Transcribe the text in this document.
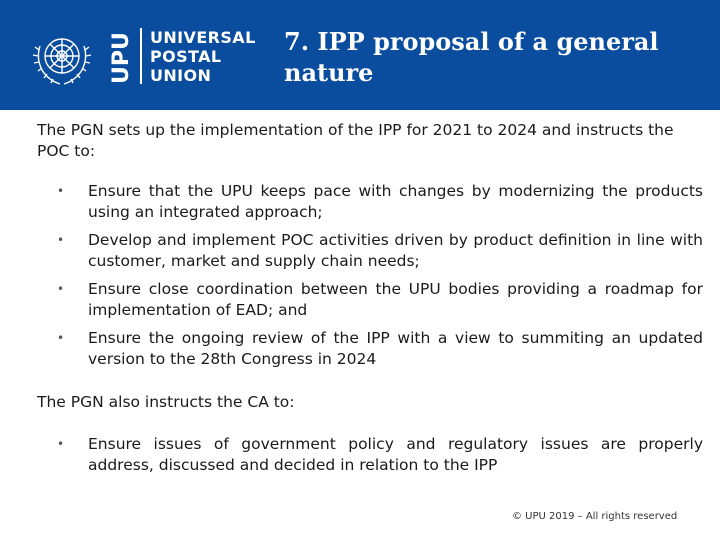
UPU UNIVERSAL
POSTAL
UNION
7. IPP proposal of a general nature

The PGN sets up the implementation of the IPP for 2021 to 2024 and instructs the POC to:

• Ensure that the UPU keeps pace with changes by modernizing the products using an integrated approach;
• Develop and implement POC activities driven by product definition in line with customer, market and supply chain needs;
• Ensure close coordination between the UPU bodies providing a roadmap for implementation of EAD; and
• Ensure the ongoing review of the IPP with a view to summiting an updated version to the 28th Congress in 2024

The PGN also instructs the CA to:

• Ensure issues of government policy and regulatory issues are properly address, discussed and decided in relation to the IPP
© UPU 2019 – All rights reserved
